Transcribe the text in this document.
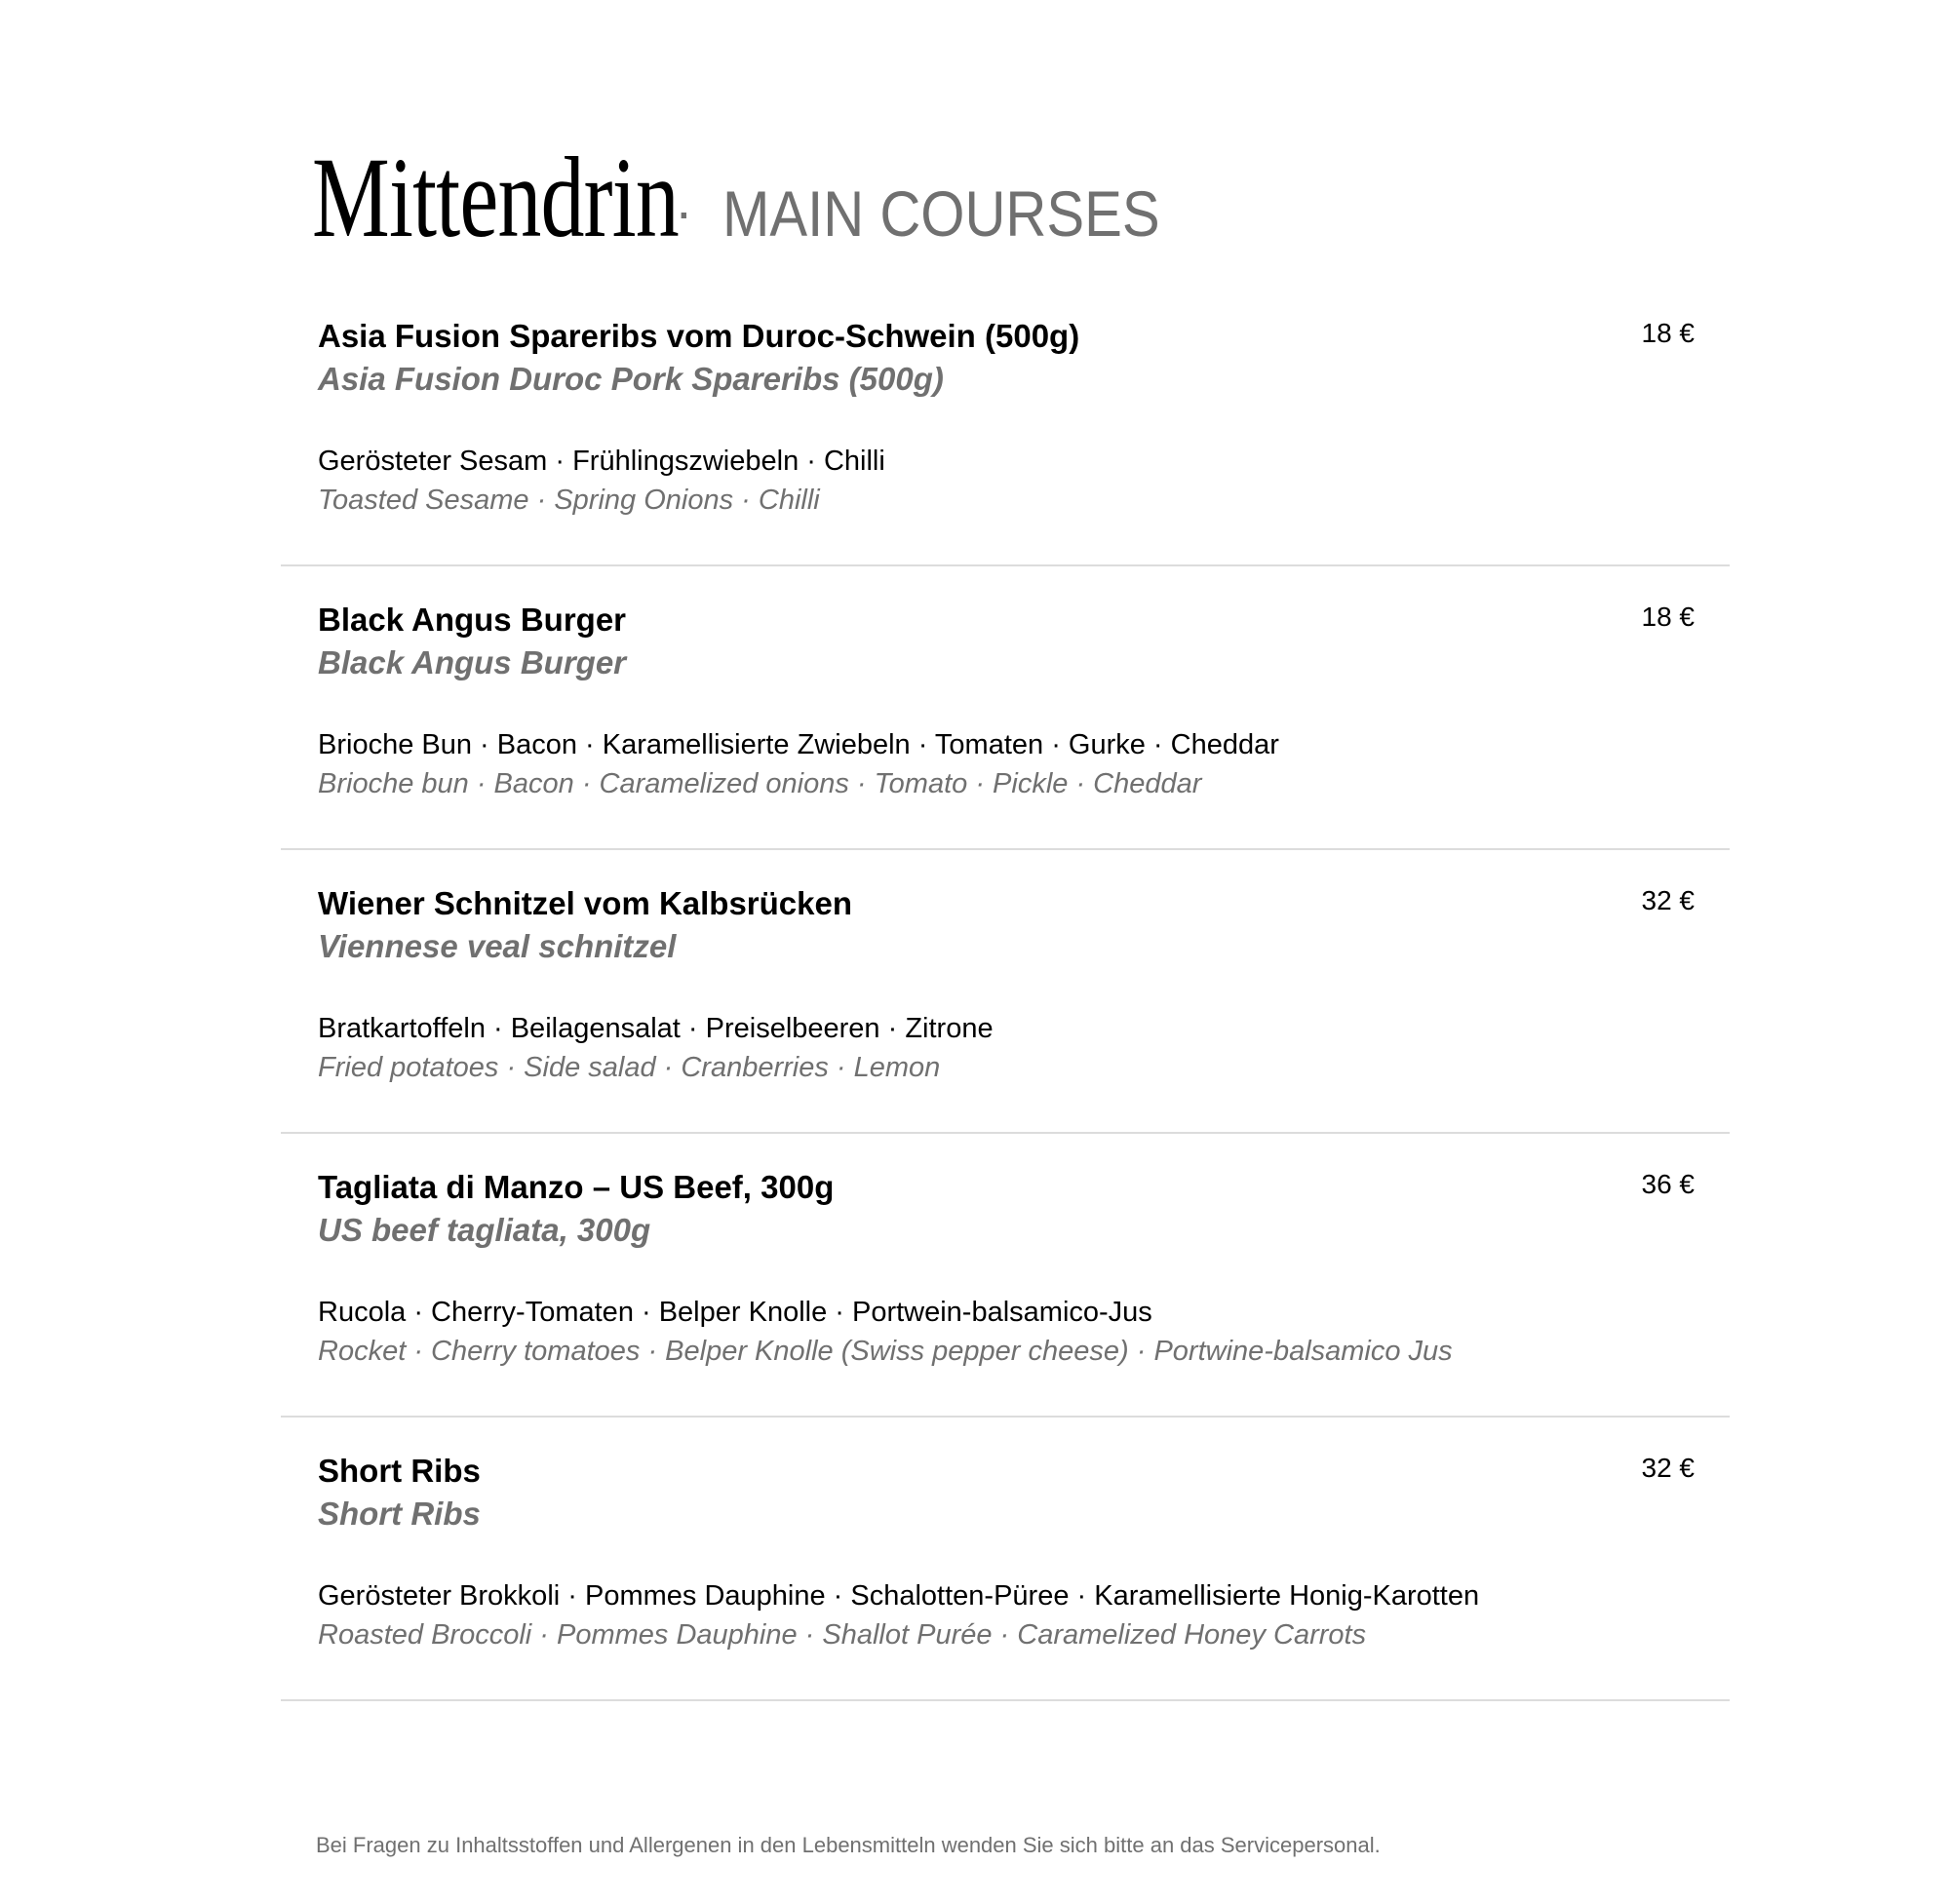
Mittendrin
· MAIN COURSES
Asia Fusion Spareribs vom Duroc-Schwein (500g)
Asia Fusion Duroc Pork Spareribs (500g)
Gerösteter Sesam · Frühlingszwiebeln · Chilli
Toasted Sesame · Spring Onions · Chilli
18 €
Black Angus Burger
Black Angus Burger
Brioche Bun · Bacon · Karamellisierte Zwiebeln · Tomaten · Gurke · Cheddar
Brioche bun · Bacon · Caramelized onions · Tomato · Pickle · Cheddar
18 €
Wiener Schnitzel vom Kalbsrücken
Viennese veal schnitzel
Bratkartoffeln · Beilagensalat · Preiselbeeren · Zitrone
Fried potatoes · Side salad · Cranberries · Lemon
32 €
Tagliata di Manzo – US Beef, 300g
US beef tagliata, 300g
Rucola · Cherry-Tomaten · Belper Knolle · Portwein-balsamico-Jus
Rocket · Cherry tomatoes · Belper Knolle (Swiss pepper cheese) · Portwine-balsamico Jus
36 €
Short Ribs
Short Ribs
Gerösteter Brokkoli · Pommes Dauphine · Schalotten-Püree · Karamellisierte Honig-Karotten
Roasted Broccoli · Pommes Dauphine · Shallot Purée · Caramelized Honey Carrots
32 €
Bei Fragen zu Inhaltsstoffen und Allergenen in den Lebensmitteln wenden Sie sich bitte an das Servicepersonal.
